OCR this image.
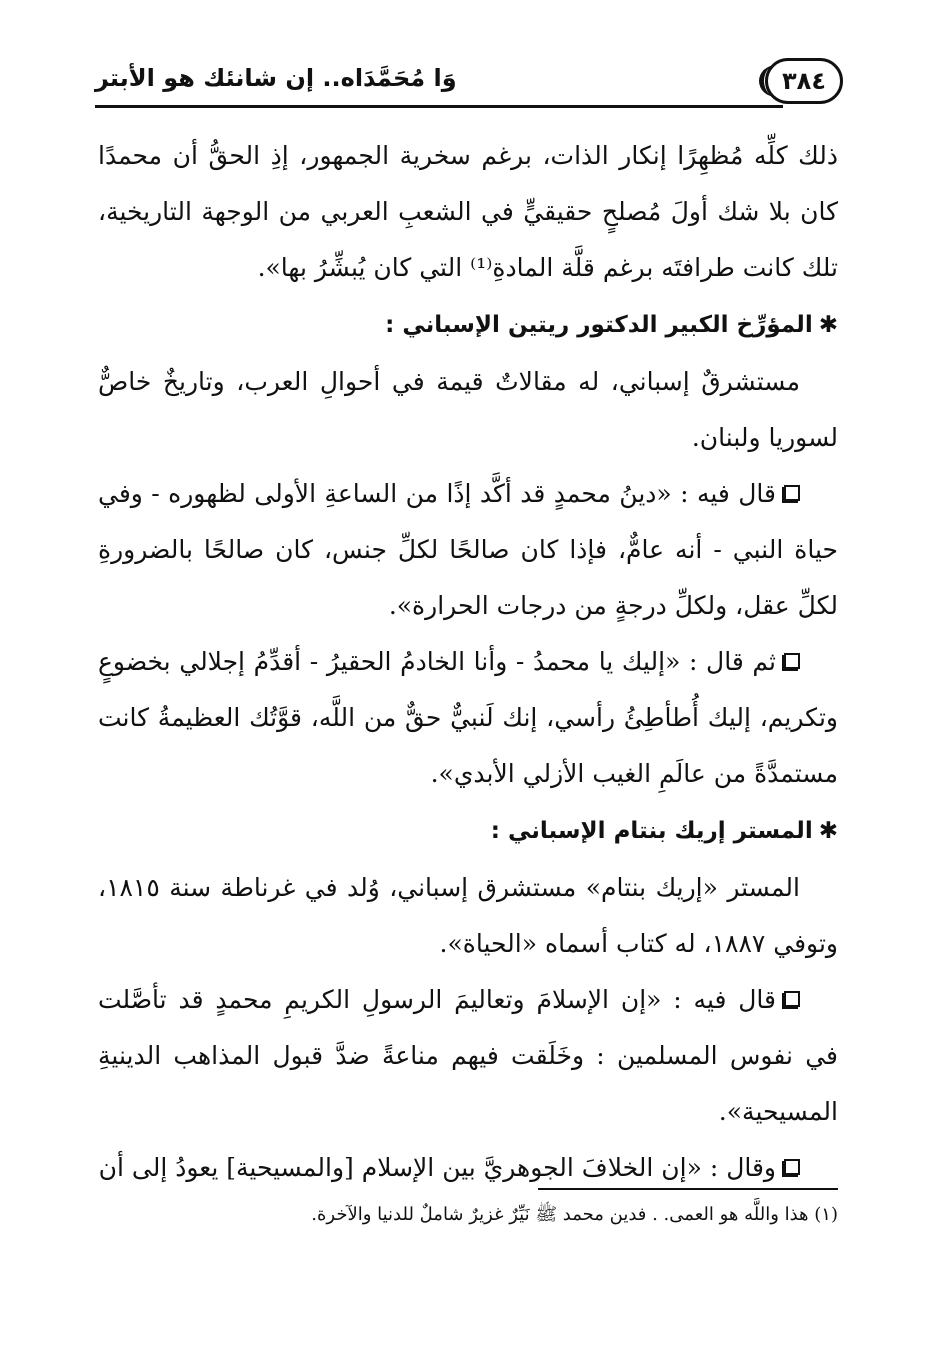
٣٨٤
وَا مُحَمَّدَاه.. إن شانئك هو الأبتر

ذلك كلِّه مُظهِرًا إنكار الذات، برغم سخرية الجمهور، إذِ الحقُّ أن محمدًا كان بلا شك أولَ مُصلحٍ حقيقيٍّ في الشعبِ العربي من الوجهة التاريخية، تلك كانت طرافتَه برغم قلَّة المادةِ⁽¹⁾ التي كان يُبشِّرُ بها».

✱المؤرِّخ الكبير الدكتور ريتين الإسباني :

مستشرقٌ إسباني، له مقالاتٌ قيمة في أحوالِ العرب، وتاريخٌ خاصٌّ لسوريا ولبنان.

قال فيه : «دينُ محمدٍ قد أكَّد إذًا من الساعةِ الأولى لظهوره - وفي حياة النبي - أنه عامٌّ، فإذا كان صالحًا لكلِّ جنس، كان صالحًا بالضرورةِ لكلِّ عقل، ولكلِّ درجةٍ من درجات الحرارة».

ثم قال : «إليك يا محمدُ - وأنا الخادمُ الحقيرُ - أقدِّمُ إجلالي بخضوعٍ وتكريم، إليك أُطأطِئُ رأسي، إنك لَنبيٌّ حقٌّ من اللَّه، قوَّتُك العظيمةُ كانت مستمدَّةً من عالَمِ الغيب الأزلي الأبدي».

✱المستر إريك بنتام الإسباني :

المستر «إريك بنتام» مستشرق إسباني، وُلد في غرناطة سنة ١٨١٥، وتوفي ١٨٨٧، له كتاب أسماه «الحياة».

قال فيه : «إن الإسلامَ وتعاليمَ الرسولِ الكريمِ محمدٍ قد تأصَّلت في نفوس المسلمين : وخَلَقت فيهم مناعةً ضدَّ قبول المذاهب الدينيةِ المسيحية».

وقال : «إن الخلافَ الجوهريَّ بين الإسلام [والمسيحية] يعودُ إلى أن

(١) هذا واللَّه هو العمى. . فدين محمد ﷺ نَيِّرٌ غزيرٌ شاملٌ للدنيا والآخرة.
